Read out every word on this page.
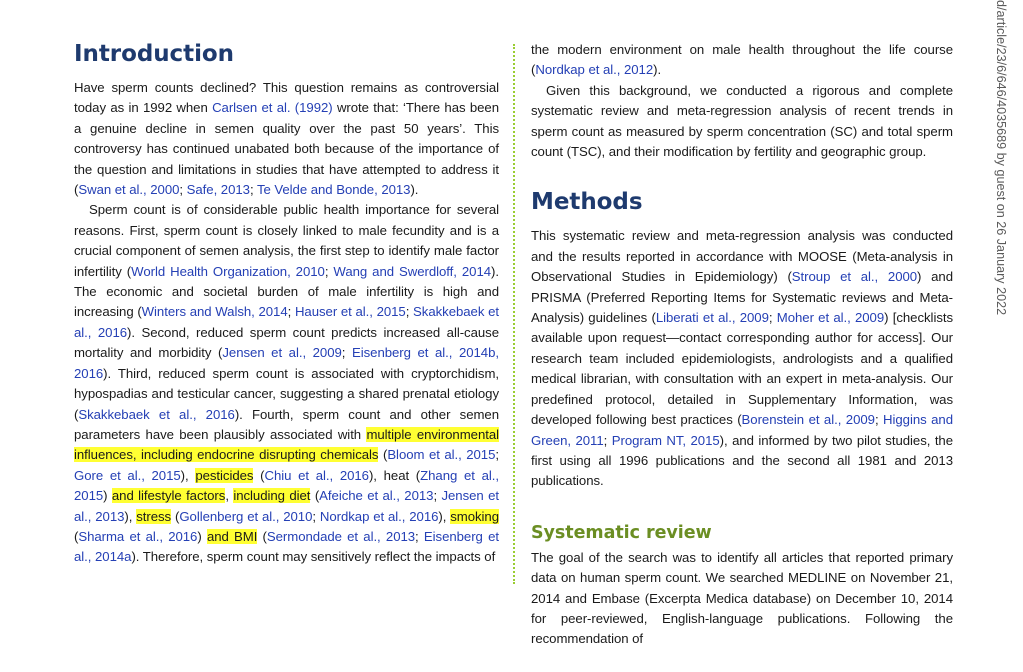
Introduction

Have sperm counts declined? This question remains as controversial today as in 1992 when Carlsen et al. (1992) wrote that: ‘There has been a genuine decline in semen quality over the past 50 years’. This controversy has continued unabated both because of the importance of the question and limitations in studies that have attempted to address it (Swan et al., 2000; Safe, 2013; Te Velde and Bonde, 2013).

Sperm count is of considerable public health importance for several reasons. First, sperm count is closely linked to male fecundity and is a crucial component of semen analysis, the first step to identify male factor infertility (World Health Organization, 2010; Wang and Swerdloff, 2014). The economic and societal burden of male infertility is high and increasing (Winters and Walsh, 2014; Hauser et al., 2015; Skakkebaek et al., 2016). Second, reduced sperm count predicts increased all-cause mortality and morbidity (Jensen et al., 2009; Eisenberg et al., 2014b, 2016). Third, reduced sperm count is associated with cryptorchidism, hypospadias and testicular cancer, suggesting a shared prenatal etiology (Skakkebaek et al., 2016). Fourth, sperm count and other semen parameters have been plausibly associated with multiple environmental influences, including endocrine disrupting chemicals (Bloom et al., 2015; Gore et al., 2015), pesticides (Chiu et al., 2016), heat (Zhang et al., 2015) and lifestyle factors, including diet (Afeiche et al., 2013; Jensen et al., 2013), stress (Gollenberg et al., 2010; Nordkap et al., 2016), smoking (Sharma et al., 2016) and BMI (Sermondade et al., 2013; Eisenberg et al., 2014a). Therefore, sperm count may sensitively reflect the impacts of

the modern environment on male health throughout the life course (Nordkap et al., 2012).

Given this background, we conducted a rigorous and complete systematic review and meta-regression analysis of recent trends in sperm count as measured by sperm concentration (SC) and total sperm count (TSC), and their modification by fertility and geographic group.

Methods

This systematic review and meta-regression analysis was conducted and the results reported in accordance with MOOSE (Meta-analysis in Observational Studies in Epidemiology) (Stroup et al., 2000) and PRISMA (Preferred Reporting Items for Systematic reviews and Meta-Analysis) guidelines (Liberati et al., 2009; Moher et al., 2009) [checklists available upon request—contact corresponding author for access]. Our research team included epidemiologists, andrologists and a qualified medical librarian, with consultation with an expert in meta-analysis. Our predefined protocol, detailed in Supplementary Information, was developed following best practices (Borenstein et al., 2009; Higgins and Green, 2011; Program NT, 2015), and informed by two pilot studies, the first using all 1996 publications and the second all 1981 and 2013 publications.

Systematic review

The goal of the search was to identify all articles that reported primary data on human sperm count. We searched MEDLINE on November 21, 2014 and Embase (Excerpta Medica database) on December 10, 2014 for peer-reviewed, English-language publications. Following the recommendation of

d/article/23/6/646/4035689 by guest on 26 January 2022
